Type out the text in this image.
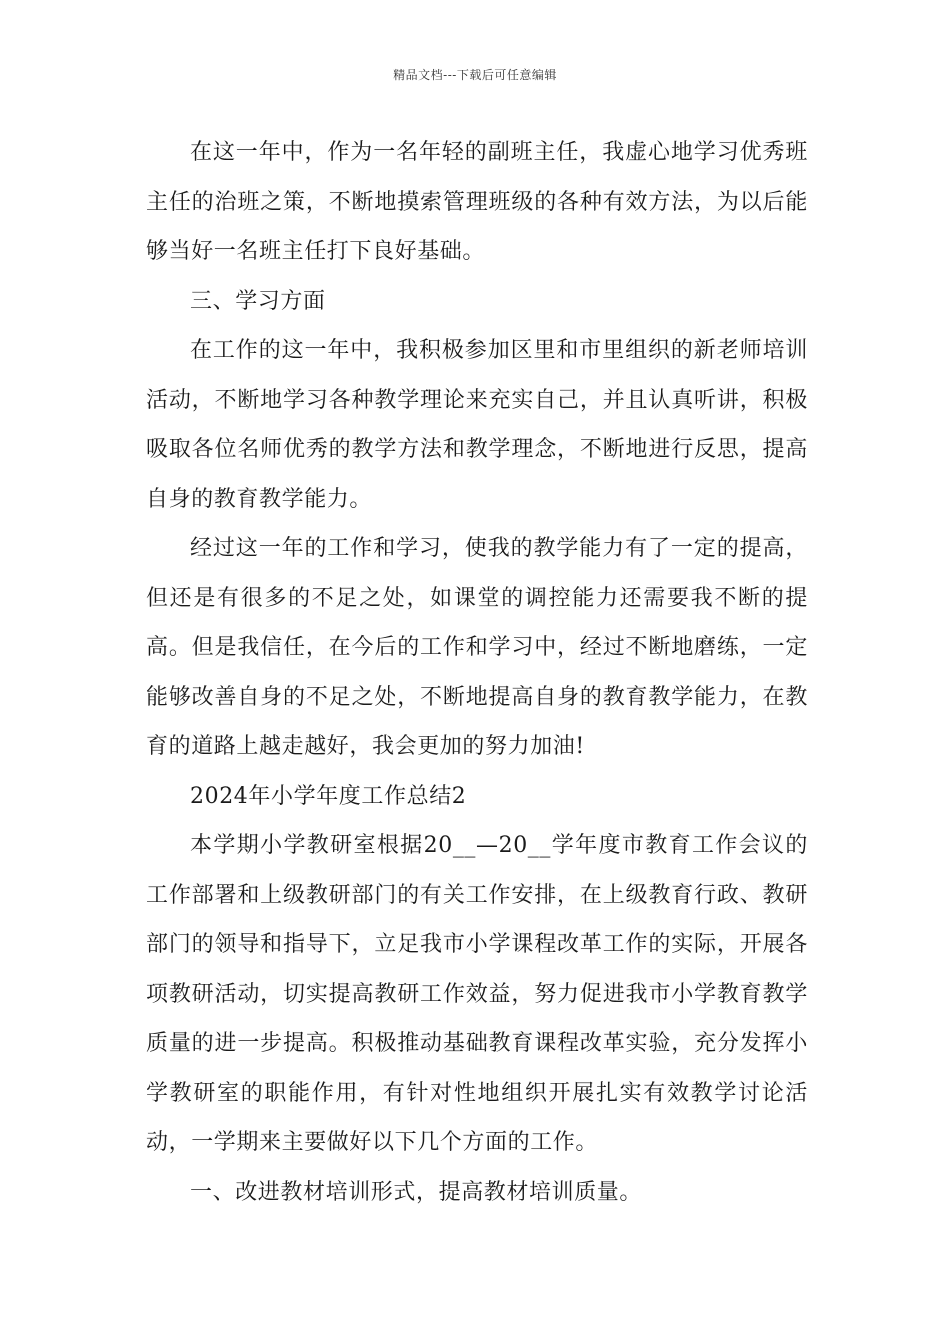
精品文档---下载后可任意编辑

在这一年中，作为一名年轻的副班主任，我虚心地学习优秀班主任的治班之策，不断地摸索管理班级的各种有效方法，为以后能够当好一名班主任打下良好基础。

三、学习方面

在工作的这一年中，我积极参加区里和市里组织的新老师培训活动，不断地学习各种教学理论来充实自己，并且认真听讲，积极吸取各位名师优秀的教学方法和教学理念，不断地进行反思，提高自身的教育教学能力。

经过这一年的工作和学习，使我的教学能力有了一定的提高，但还是有很多的不足之处，如课堂的调控能力还需要我不断的提高。但是我信任，在今后的工作和学习中，经过不断地磨练，一定能够改善自身的不足之处，不断地提高自身的教育教学能力，在教育的道路上越走越好，我会更加的努力加油!

2024年小学年度工作总结2

本学期小学教研室根据20__—20__学年度市教育工作会议的工作部署和上级教研部门的有关工作安排，在上级教育行政、教研部门的领导和指导下，立足我市小学课程改革工作的实际，开展各项教研活动，切实提高教研工作效益，努力促进我市小学教育教学质量的进一步提高。积极推动基础教育课程改革实验，充分发挥小学教研室的职能作用，有针对性地组织开展扎实有效教学讨论活动，一学期来主要做好以下几个方面的工作。

一、改进教材培训形式，提高教材培训质量。
